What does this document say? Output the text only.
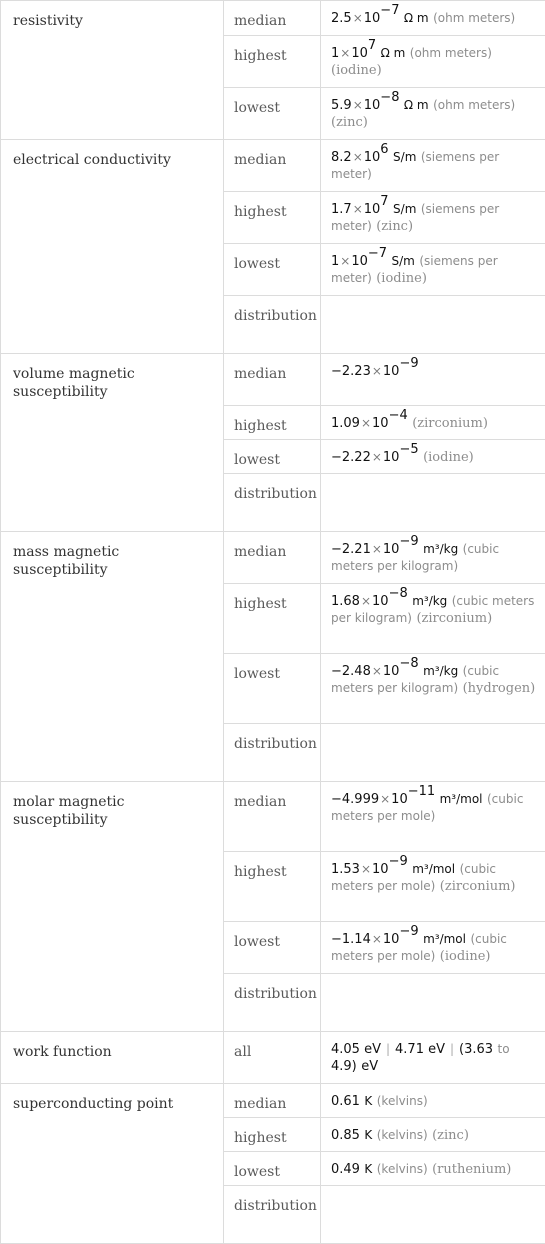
resistivity	median	$2.5\times 10^{-7}$ Ω m (ohm meters)
	highest	$1\times 10^7$ Ω m (ohm meters) (iodine)
	lowest	$5.9\times 10^{-8}$ Ω m (ohm meters) (zinc)
electrical conductivity	median	$8.2\times 10^6$ S/m (siemens per meter)
	highest	$1.7\times 10^7$ S/m (siemens per meter) (zinc)
	lowest	$1\times 10^{-7}$ S/m (siemens per meter) (iodine)
	distribution	

volume magnetic susceptibility	median	$-2.23\times 10^{-9}$
	highest	$1.09\times 10^{-4}$ (zirconium)
	lowest	$-2.22\times 10^{-5}$ (iodine)
	distribution	

mass magnetic susceptibility	median	$-2.21\times 10^{-9}$ m³/kg (cubic meters per kilogram)
	highest	$1.68\times 10^{-8}$ m³/kg (cubic meters per kilogram) (zirconium)
	lowest	$-2.48\times 10^{-8}$ m³/kg (cubic meters per kilogram) (hydrogen)
	distribution	

molar magnetic susceptibility	median	$-4.999\times 10^{-11}$ m³/mol (cubic meters per mole)
	highest	$1.53\times 10^{-9}$ m³/mol (cubic meters per mole) (zirconium)
	lowest	$-1.14\times 10^{-9}$ m³/mol (cubic meters per mole) (iodine)
	distribution	

work function	all	4.05 eV | 4.71 eV | (3.63 to 4.9) eV
superconducting point	median	0.61 K (kelvins)
	highest	0.85 K (kelvins) (zinc)
	lowest	0.49 K (kelvins) (ruthenium)
	distribution	
